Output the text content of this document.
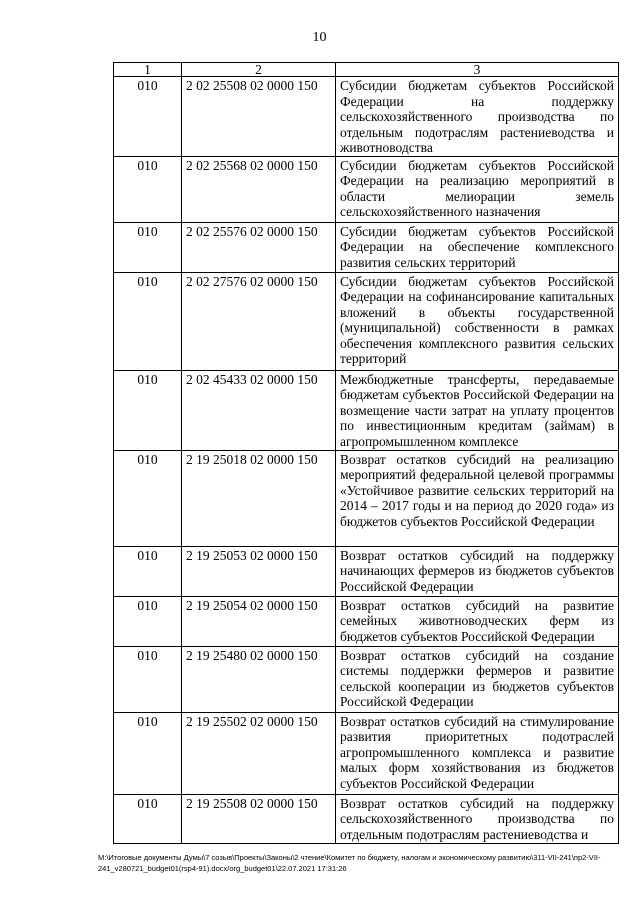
10
1	2	3
010	2 02 25508 02 0000 150	Субсидии бюджетам субъектов Российской Федерации на поддержку сельскохозяйственного производства по отдельным подотраслям растениеводства и животноводства
010	2 02 25568 02 0000 150	Субсидии бюджетам субъектов Российской Федерации на реализацию мероприятий в области мелиорации земель сельскохозяйственного назначения
010	2 02 25576 02 0000 150	Субсидии бюджетам субъектов Российской Федерации на обеспечение комплексного развития сельских территорий
010	2 02 27576 02 0000 150	Субсидии бюджетам субъектов Российской Федерации на софинансирование капитальных вложений в объекты государственной (муниципальной) собственности в рамках обеспечения комплексного развития сельских территорий
010	2 02 45433 02 0000 150	Межбюджетные трансферты, передаваемые бюджетам субъектов Российской Федерации на возмещение части затрат на уплату процентов по инвестиционным кредитам (займам) в агропромышленном комплексе
010	2 19 25018 02 0000 150	Возврат остатков субсидий на реализацию мероприятий федеральной целевой программы «Устойчивое развитие сельских территорий на 2014 – 2017 годы и на период до 2020 года» из бюджетов субъектов Российской Федерации
010	2 19 25053 02 0000 150	Возврат остатков субсидий на поддержку начинающих фермеров из бюджетов субъектов Российской Федерации
010	2 19 25054 02 0000 150	Возврат остатков субсидий на развитие семейных животноводческих ферм из бюджетов субъектов Российской Федерации
010	2 19 25480 02 0000 150	Возврат остатков субсидий на создание системы поддержки фермеров и развитие сельской кооперации из бюджетов субъектов Российской Федерации
010	2 19 25502 02 0000 150	Возврат остатков субсидий на стимулирование развития приоритетных подотраслей агропромышленного комплекса и развитие малых форм хозяйствования из бюджетов субъектов Российской Федерации
010	2 19 25508 02 0000 150	Возврат остатков субсидий на поддержку сельскохозяйственного производства по отдельным подотраслям растениеводства и
М:\Итоговые документы Думы\7 созыв\Проекты\Законы\2 чтение\Комитет по бюджету, налогам и экономическому развитию\311-VII-241\пр2-VII-
241_v280721_budget01(rsp4-91).docx/org_budget01\22.07.2021 17:31:26
